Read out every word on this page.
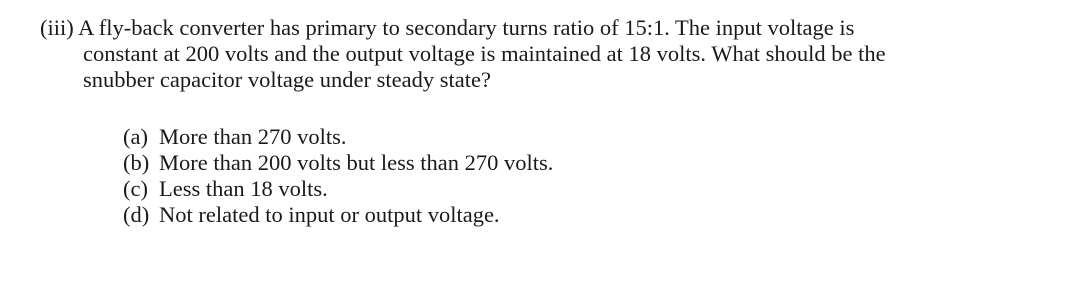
(iii) A fly-back converter has primary to secondary turns ratio of 15:1. The input voltage is
constant at 200 volts and the output voltage is maintained at 18 volts. What should be the
snubber capacitor voltage under steady state?
(a) More than 270 volts.
(b) More than 200 volts but less than 270 volts.
(c) Less than 18 volts.
(d) Not related to input or output voltage.
